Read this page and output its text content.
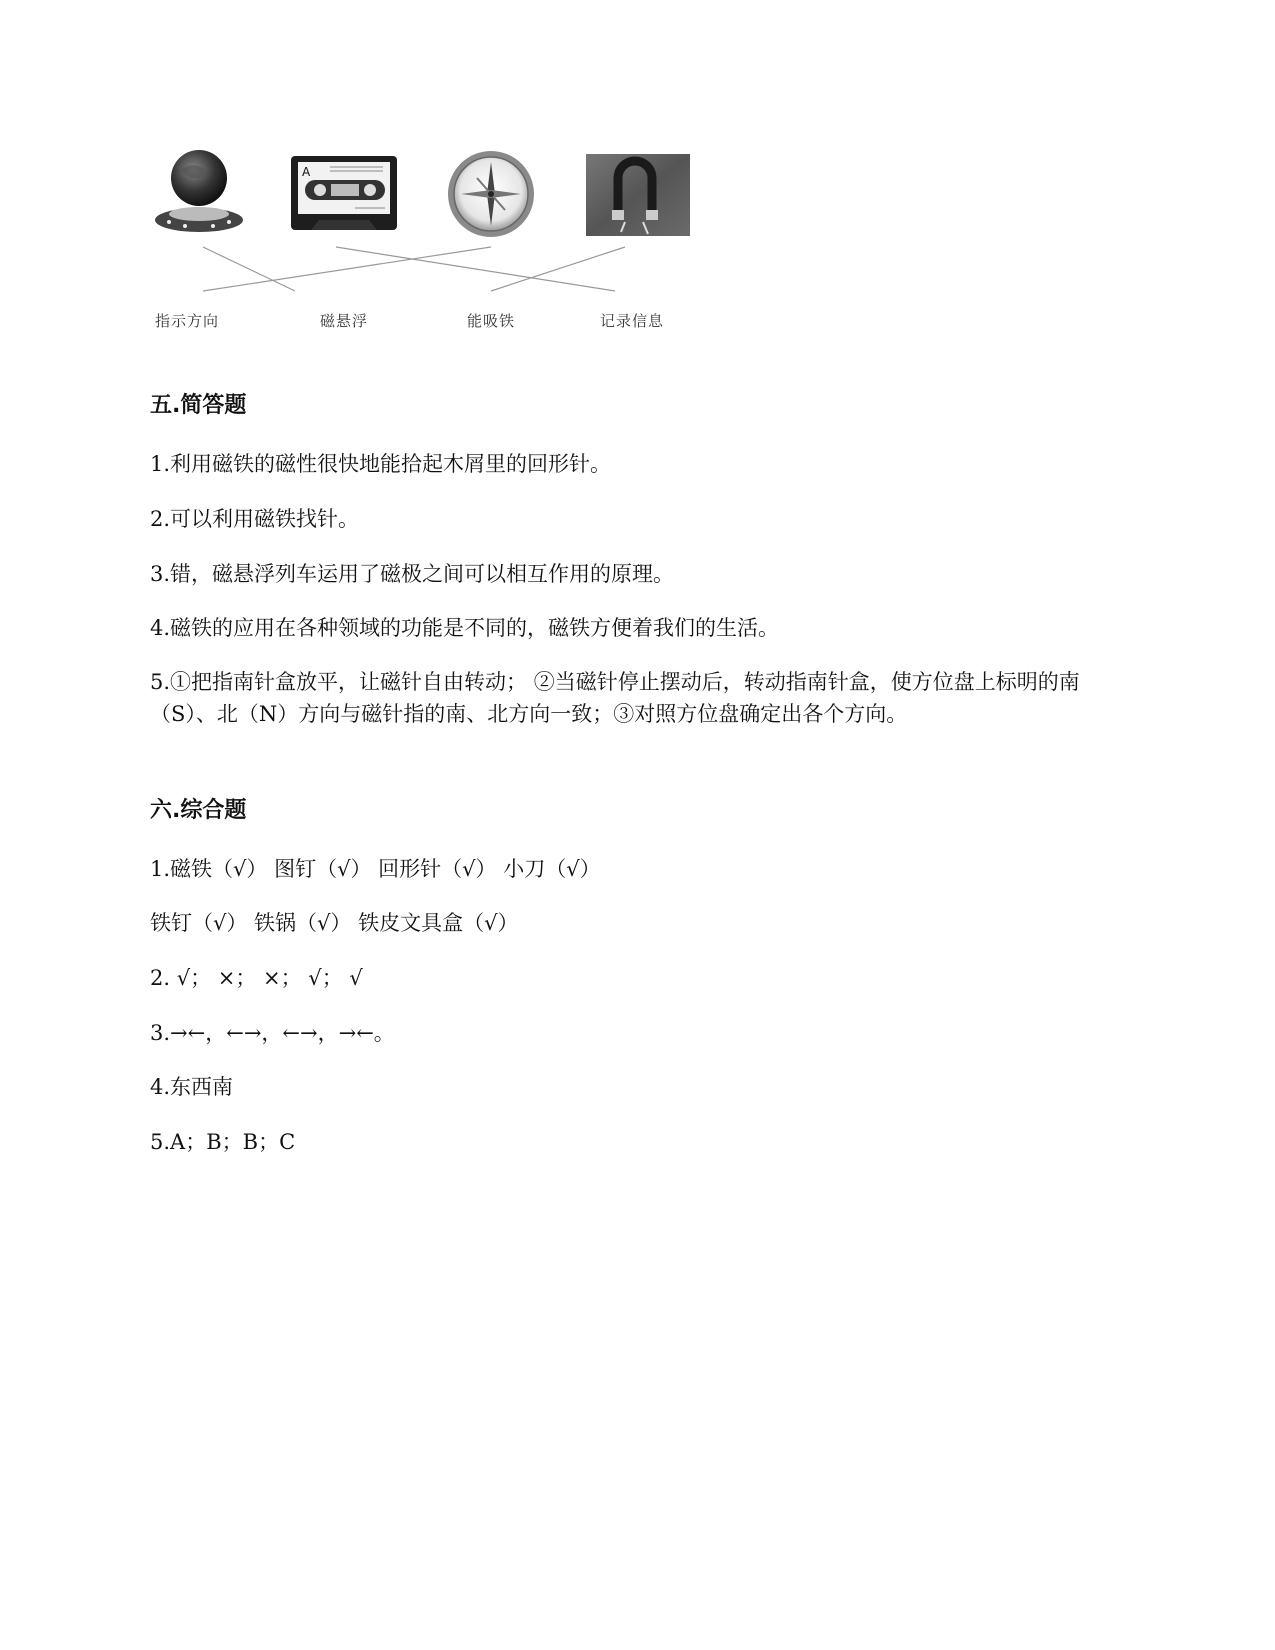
A
指示方向	磁悬浮	能吸铁	记录信息
五.简答题

1.利用磁铁的磁性很快地能拾起木屑里的回形针。

2.可以利用磁铁找针。

3.错，磁悬浮列车运用了磁极之间可以相互作用的原理。

4.磁铁的应用在各种领域的功能是不同的，磁铁方便着我们的生活。

5.①把指南针盒放平，让磁针自由转动； ②当磁针停止摆动后，转动指南针盒，使方位盘上标明的南（S）、北（N）方向与磁针指的南、北方向一致；③对照方位盘确定出各个方向。

六.综合题

1.磁铁（√） 图钉（√） 回形针（√） 小刀（√）

铁钉（√） 铁锅（√） 铁皮文具盒（√）

2. √； ×； ×； √； √

3.→←，←→，←→，→←。

4.东西南

5.A；B；B；C
